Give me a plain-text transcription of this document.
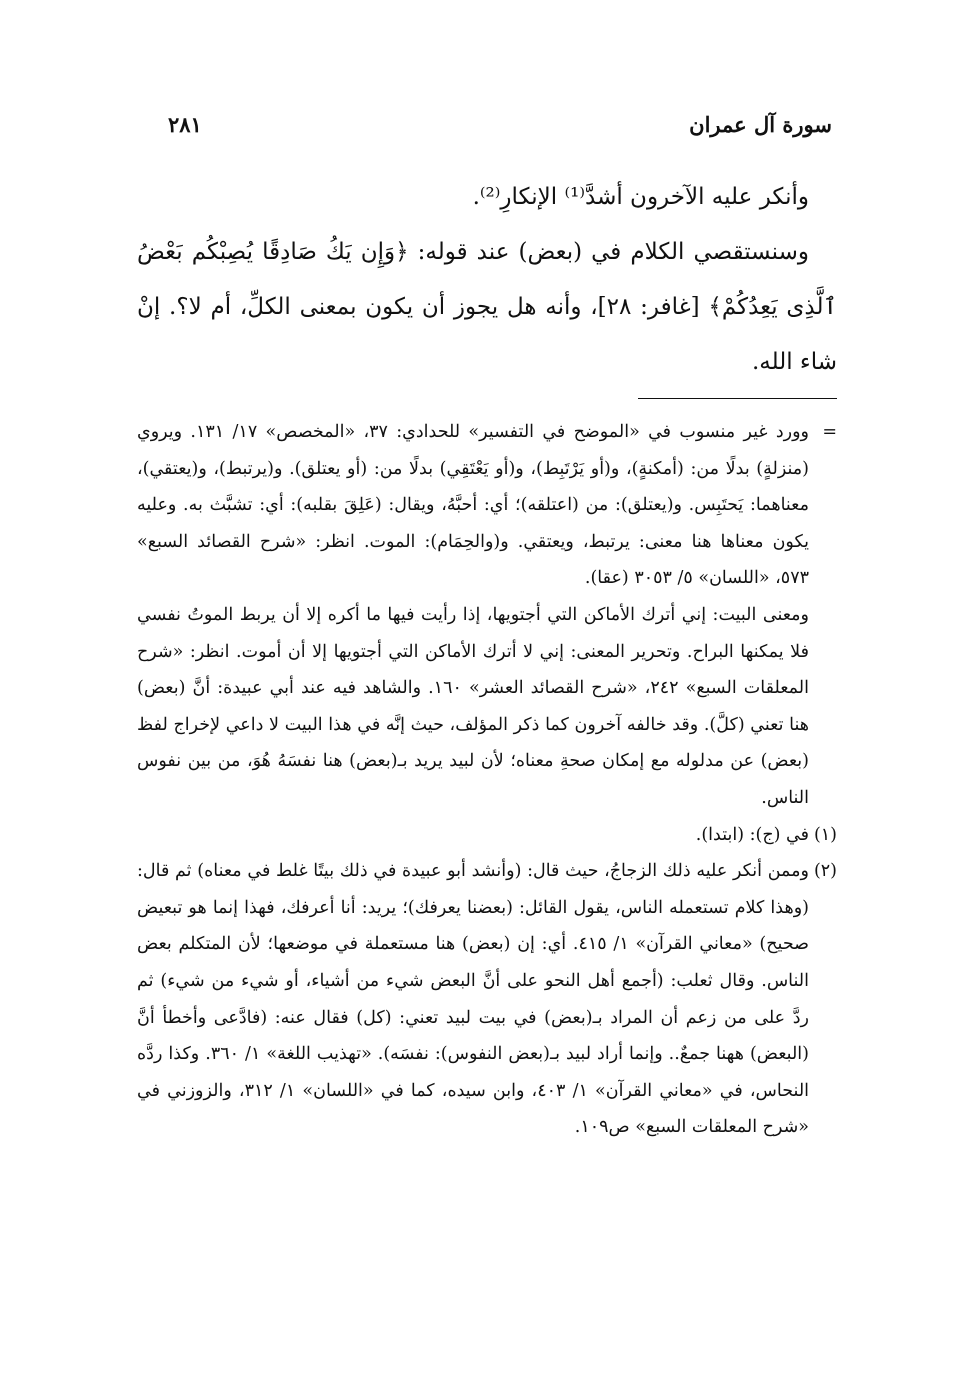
سورة آل عمران

٢٨١

وأنكر عليه الآخرون أشدَّ⁽¹⁾ الإنكارِ⁽²⁾.

وسنستقصي الكلام في (بعض) عند قوله: ﴿وَإِن يَكُ صَادِقًا يُصِبْكُم بَعْضُ ٱلَّذِى يَعِدُكُمْ﴾ [غافر: ٢٨]، وأنه هل يجوز أن يكون بمعنى الكلِّ، أم لا؟. إنْ شاء الله.

=
وورد غير منسوب في «الموضح في التفسير» للحدادي: ٣٧، «المخصص» ١٧/ ١٣١. ويروي (منزلةٍ) بدلًا من: (أمكنةٍ)، و(أو يَرْتَبِط)، و(أو يَعْتَقِي) بدلًا من: (أو يعتلق). و(يرتبط)، و(يعتقي)، معناهما: يَحتَبِس. و(يعتلق): من (اعتلقه)؛ أي: أحبَّهُ، ويقال: (عَلِقَ بقلبه): أي: تشبَّث به. وعليه يكون معناها هنا معنى: يرتبط، ويعتقي. و(والحِمَام): الموت. انظر: «شرح القصائد السبع» ٥٧٣، «اللسان» ٥/ ٣٠٥٣ (عقا).

ومعنى البيت: إني أترك الأماكن التي أجتويها، إذا رأيت فيها ما أكره إلا أن يربط الموتُ نفسي فلا يمكنها البراح. وتحرير المعنى: إني لا أترك الأماكن التي أجتويها إلا أن أموت. انظر: «شرح المعلقات السبع» ٢٤٢، «شرح القصائد العشر» ١٦٠. والشاهد فيه عند أبي عبيدة: أنَّ (بعض) هنا تعني (كلَّ). وقد خالفه آخرون كما ذكر المؤلف، حيث إنَّه في هذا البيت لا داعي لإخراج لفظ (بعض) عن مدلوله مع إمكان صحةِ معناه؛ لأن لبيد يريد بـ(بعض) هنا نفسَهُ هُوَ، من بين نفوس الناس.

(١)
في (ج): (ابتدا).
(٢)
وممن أنكر عليه ذلك الزجاجُ، حيث قال: (وأنشد أبو عبيدة في ذلك بيتًا غلط في معناه) ثم قال: (وهذا كلام تستعمله الناس، يقول القائل: (بعضنا يعرفك)؛ يريد: أنا أعرفك، فهذا إنما هو تبعيض صحيح) «معاني القرآن» ١/ ٤١٥. أي: إن (بعض) هنا مستعملة في موضعها؛ لأن المتكلم بعض الناس. وقال ثعلب: (أجمع أهل النحو على أنَّ البعض شيء من أشياء، أو شيء من شيء) ثم ردَّ على من زعم أن المراد بـ(بعض) في بيت لبيد تعني: (كل) فقال عنه: (فادَّعى وأخطأ أنَّ (البعض) ههنا جمعٌ.. وإنما أراد لبيد بـ(بعض النفوس): نفسَه). «تهذيب اللغة» ١/ ٣٦٠. وكذا ردَّه النحاس، في «معاني القرآن» ١/ ٤٠٣، وابن سيده، كما في «اللسان» ١/ ٣١٢، والزوزني في «شرح المعلقات السبع» ص١٠٩.
